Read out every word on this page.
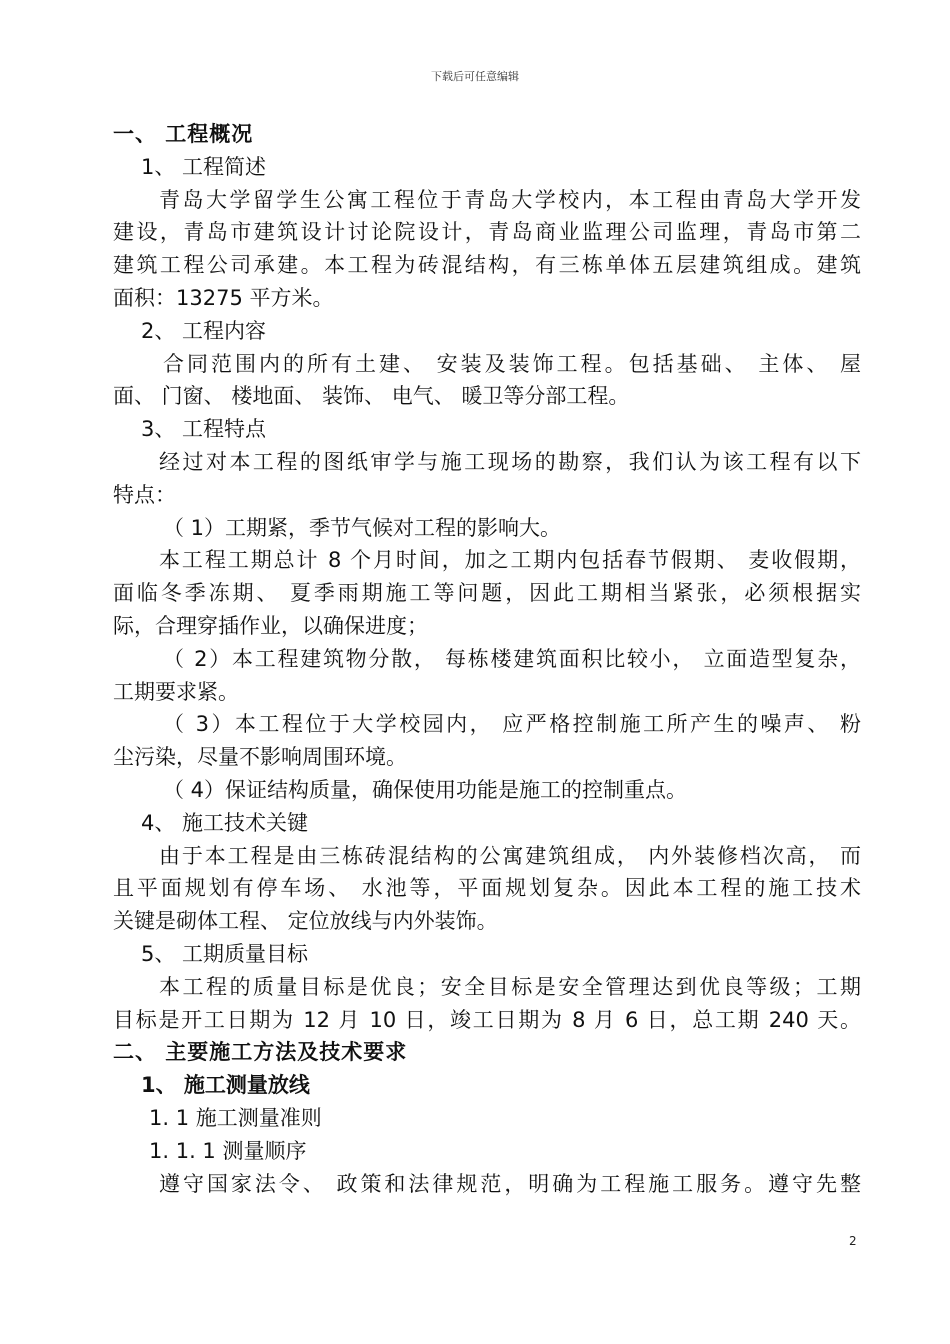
下载后可任意编辑
一、 工程概况
1、 工程简述
青岛大学留学生公寓工程位于青岛大学校内，本工程由青岛大学开发
建设，青岛市建筑设计讨论院设计，青岛商业监理公司监理，青岛市第二
建筑工程公司承建。本工程为砖混结构，有三栋单体五层建筑组成。建筑
面积：13275 平方米。
2、 工程内容
合同范围内的所有土建、 安装及装饰工程。包括基础、 主体、 屋
面、 门窗、 楼地面、 装饰、 电气、 暖卫等分部工程。
3、 工程特点
经过对本工程的图纸审学与施工现场的勘察，我们认为该工程有以下
特点：
（ 1）工期紧，季节气候对工程的影响大。
本工程工期总计 8 个月时间，加之工期内包括春节假期、 麦收假期，
面临冬季冻期、 夏季雨期施工等问题，因此工期相当紧张，必须根据实
际，合理穿插作业，以确保进度；
（ 2）本工程建筑物分散， 每栋楼建筑面积比较小， 立面造型复杂，
工期要求紧。
（ 3）本工程位于大学校园内， 应严格控制施工所产生的噪声、 粉
尘污染，尽量不影响周围环境。
（ 4）保证结构质量，确保使用功能是施工的控制重点。
4、 施工技术关键
由于本工程是由三栋砖混结构的公寓建筑组成， 内外装修档次高， 而
且平面规划有停车场、 水池等，平面规划复杂。因此本工程的施工技术
关键是砌体工程、 定位放线与内外装饰。
5、 工期质量目标
本工程的质量目标是优良；安全目标是安全管理达到优良等级；工期
目标是开工日期为 12 月 10 日，竣工日期为 8 月 6 日，总工期 240 天。
二、 主要施工方法及技术要求
1、 施工测量放线
1. 1 施工测量准则
1. 1. 1 测量顺序
遵守国家法令、 政策和法律规范，明确为工程施工服务。遵守先整
2
